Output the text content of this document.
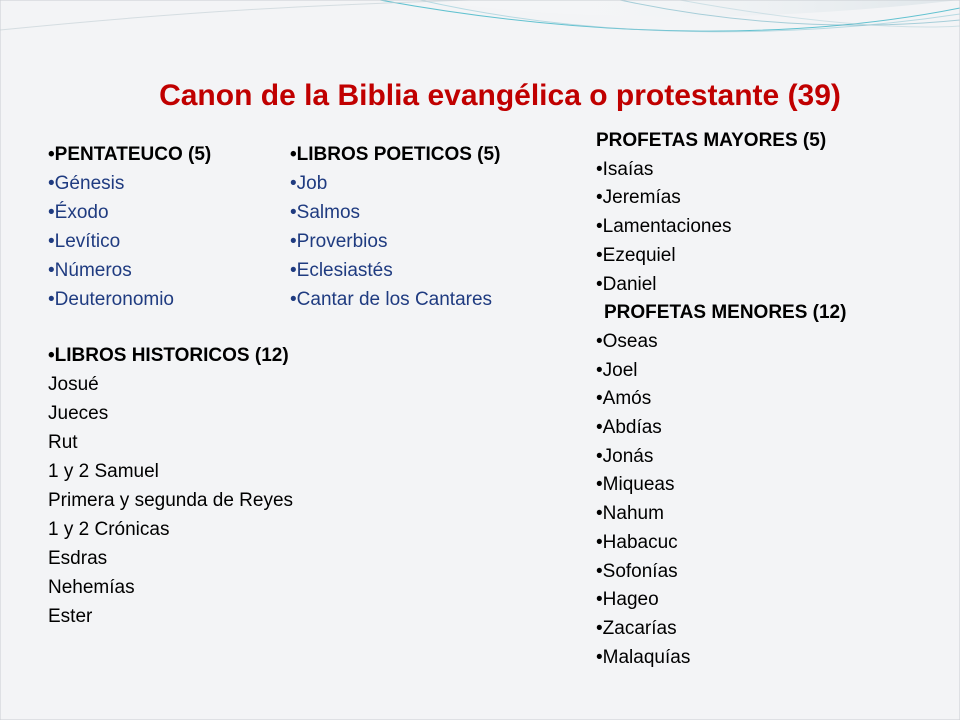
Canon de la Biblia evangélica o protestante (39)
•PENTATEUCO (5)
•Génesis
•Éxodo
•Levítico
•Números
•Deuteronomio
•LIBROS POETICOS (5)
•Job
•Salmos
•Proverbios
•Eclesiastés
•Cantar de los Cantares
•LIBROS HISTORICOS (12)
Josué
Jueces
Rut
1 y 2 Samuel
Primera y segunda de Reyes
1 y 2 Crónicas
Esdras
Nehemías
Ester
PROFETAS MAYORES (5)
•Isaías
•Jeremías
•Lamentaciones
•Ezequiel
•Daniel
PROFETAS MENORES (12)
•Oseas
•Joel
•Amós
•Abdías
•Jonás
•Miqueas
•Nahum
•Habacuc
•Sofonías
•Hageo
•Zacarías
•Malaquías
